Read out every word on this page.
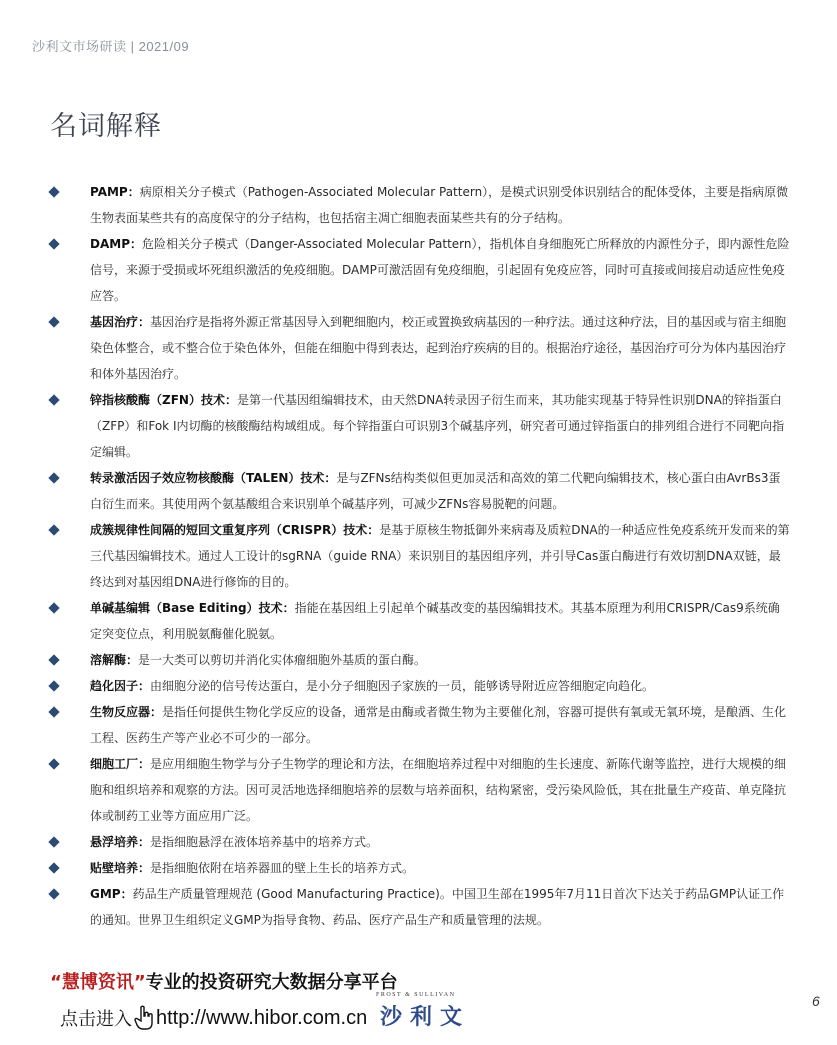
沙利文市场研读 | 2021/09
名词解释
PAMP：病原相关分子模式（Pathogen-Associated Molecular Pattern），是模式识别受体识别结合的配体受体，主要是指病原微生物表面某些共有的高度保守的分子结构，也包括宿主凋亡细胞表面某些共有的分子结构。
DAMP：危险相关分子模式（Danger-Associated Molecular Pattern），指机体自身细胞死亡所释放的内源性分子，即内源性危险信号，来源于受损或坏死组织激活的免疫细胞。DAMP可激活固有免疫细胞，引起固有免疫应答，同时可直接或间接启动适应性免疫应答。
基因治疗：基因治疗是指将外源正常基因导入到靶细胞内，校正或置换致病基因的一种疗法。通过这种疗法，目的基因或与宿主细胞染色体整合，或不整合位于染色体外，但能在细胞中得到表达，起到治疗疾病的目的。根据治疗途径，基因治疗可分为体内基因治疗和体外基因治疗。
锌指核酸酶（ZFN）技术：是第一代基因组编辑技术，由天然DNA转录因子衍生而来，其功能实现基于特异性识别DNA的锌指蛋白（ZFP）和Fok I内切酶的核酸酶结构域组成。每个锌指蛋白可识别3个碱基序列，研究者可通过锌指蛋白的排列组合进行不同靶向指定编辑。
转录激活因子效应物核酸酶（TALEN）技术：是与ZFNs结构类似但更加灵活和高效的第二代靶向编辑技术，核心蛋白由AvrBs3蛋白衍生而来。其使用两个氨基酸组合来识别单个碱基序列，可减少ZFNs容易脱靶的问题。
成簇规律性间隔的短回文重复序列（CRISPR）技术：是基于原核生物抵御外来病毒及质粒DNA的一种适应性免疫系统开发而来的第三代基因编辑技术。通过人工设计的sgRNA（guide RNA）来识别目的基因组序列，并引导Cas蛋白酶进行有效切割DNA双链，最终达到对基因组DNA进行修饰的目的。
单碱基编辑（Base Editing）技术：指能在基因组上引起单个碱基改变的基因编辑技术。其基本原理为利用CRISPR/Cas9系统确定突变位点，利用脱氨酶催化脱氨。
溶解酶：是一大类可以剪切并消化实体瘤细胞外基质的蛋白酶。
趋化因子：由细胞分泌的信号传达蛋白，是小分子细胞因子家族的一员，能够诱导附近应答细胞定向趋化。
生物反应器：是指任何提供生物化学反应的设备，通常是由酶或者微生物为主要催化剂，容器可提供有氧或无氧环境，是酿酒、生化工程、医药生产等产业必不可少的一部分。
细胞工厂：是应用细胞生物学与分子生物学的理论和方法，在细胞培养过程中对细胞的生长速度、新陈代谢等监控，进行大规模的细胞和组织培养和观察的方法。因可灵活地选择细胞培养的层数与培养面积，结构紧密，受污染风险低，其在批量生产疫苗、单克隆抗体或制药工业等方面应用广泛。
悬浮培养：是指细胞悬浮在液体培养基中的培养方式。
贴壁培养：是指细胞依附在培养器皿的壁上生长的培养方式。
GMP：药品生产质量管理规范 (Good Manufacturing Practice)。中国卫生部在1995年7月11日首次下达关于药品GMP认证工作的通知。世界卫生组织定义GMP为指导食物、药品、医疗产品生产和质量管理的法规。
“慧博资讯”专业的投资研究大数据分享平台
点击进入 http://www.hibor.com.cn
FROST & SULLIVAN
沙利文
6
